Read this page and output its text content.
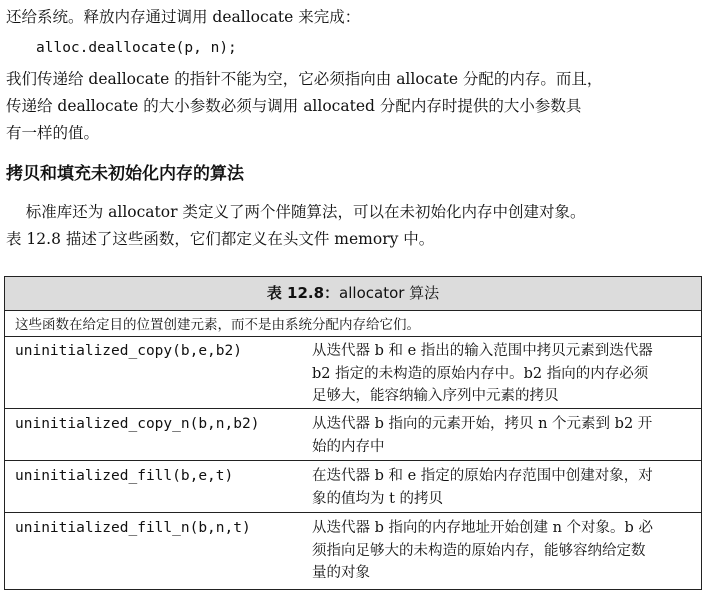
还给系统。释放内存通过调用 deallocate 来完成：
alloc.deallocate(p, n);
我们传递给 deallocate 的指针不能为空，它必须指向由 allocate 分配的内存。而且，
传递给 deallocate 的大小参数必须与调用 allocated 分配内存时提供的大小参数具
有一样的值。
拷贝和填充未初始化内存的算法
标准库还为 allocator 类定义了两个伴随算法，可以在未初始化内存中创建对象。
表 12.8 描述了这些函数，它们都定义在头文件 memory 中。
表 12.8：allocator 算法
这些函数在给定目的位置创建元素，而不是由系统分配内存给它们。
uninitialized_copy(b,e,b2)	从迭代器 b 和 e 指出的输入范围中拷贝元素到迭代器
b2 指定的未构造的原始内存中。b2 指向的内存必须
足够大，能容纳输入序列中元素的拷贝
uninitialized_copy_n(b,n,b2)	从迭代器 b 指向的元素开始，拷贝 n 个元素到 b2 开
始的内存中
uninitialized_fill(b,e,t)	在迭代器 b 和 e 指定的原始内存范围中创建对象，对
象的值均为 t 的拷贝
uninitialized_fill_n(b,n,t)	从迭代器 b 指向的内存地址开始创建 n 个对象。b 必
须指向足够大的未构造的原始内存，能够容纳给定数
量的对象
